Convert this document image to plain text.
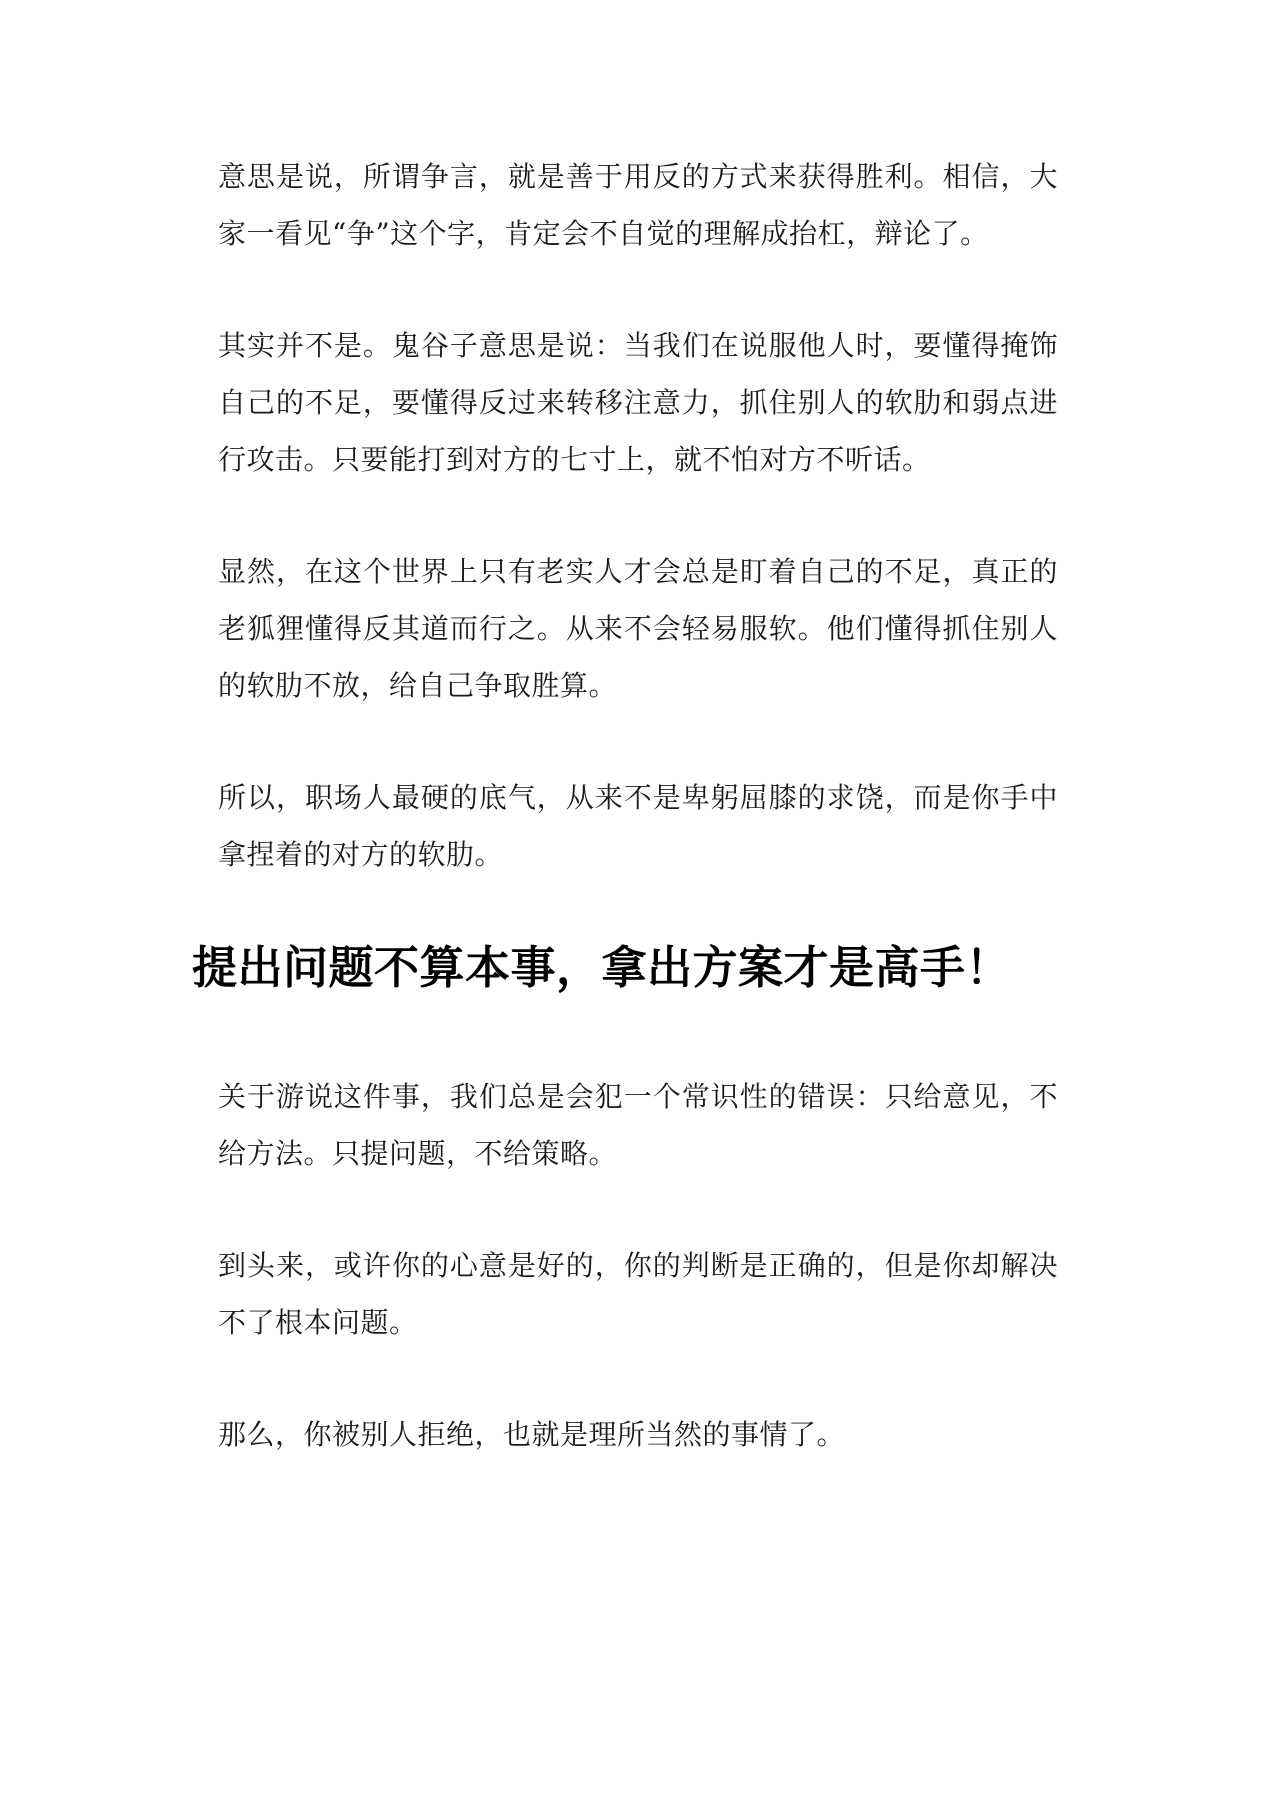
意思是说，所谓争言，就是善于用反的方式来获得胜利。相信，大家一看见“争”这个字，肯定会不自觉的理解成抬杠，辩论了。

其实并不是。鬼谷子意思是说：当我们在说服他人时，要懂得掩饰自己的不足，要懂得反过来转移注意力，抓住别人的软肋和弱点进行攻击。只要能打到对方的七寸上，就不怕对方不听话。

显然，在这个世界上只有老实人才会总是盯着自己的不足，真正的老狐狸懂得反其道而行之。从来不会轻易服软。他们懂得抓住别人的软肋不放，给自己争取胜算。

所以，职场人最硬的底气，从来不是卑躬屈膝的求饶，而是你手中拿捏着的对方的软肋。

提出问题不算本事，拿出方案才是高手！

关于游说这件事，我们总是会犯一个常识性的错误：只给意见，不给方法。只提问题，不给策略。

到头来，或许你的心意是好的，你的判断是正确的，但是你却解决不了根本问题。

那么，你被别人拒绝，也就是理所当然的事情了。
